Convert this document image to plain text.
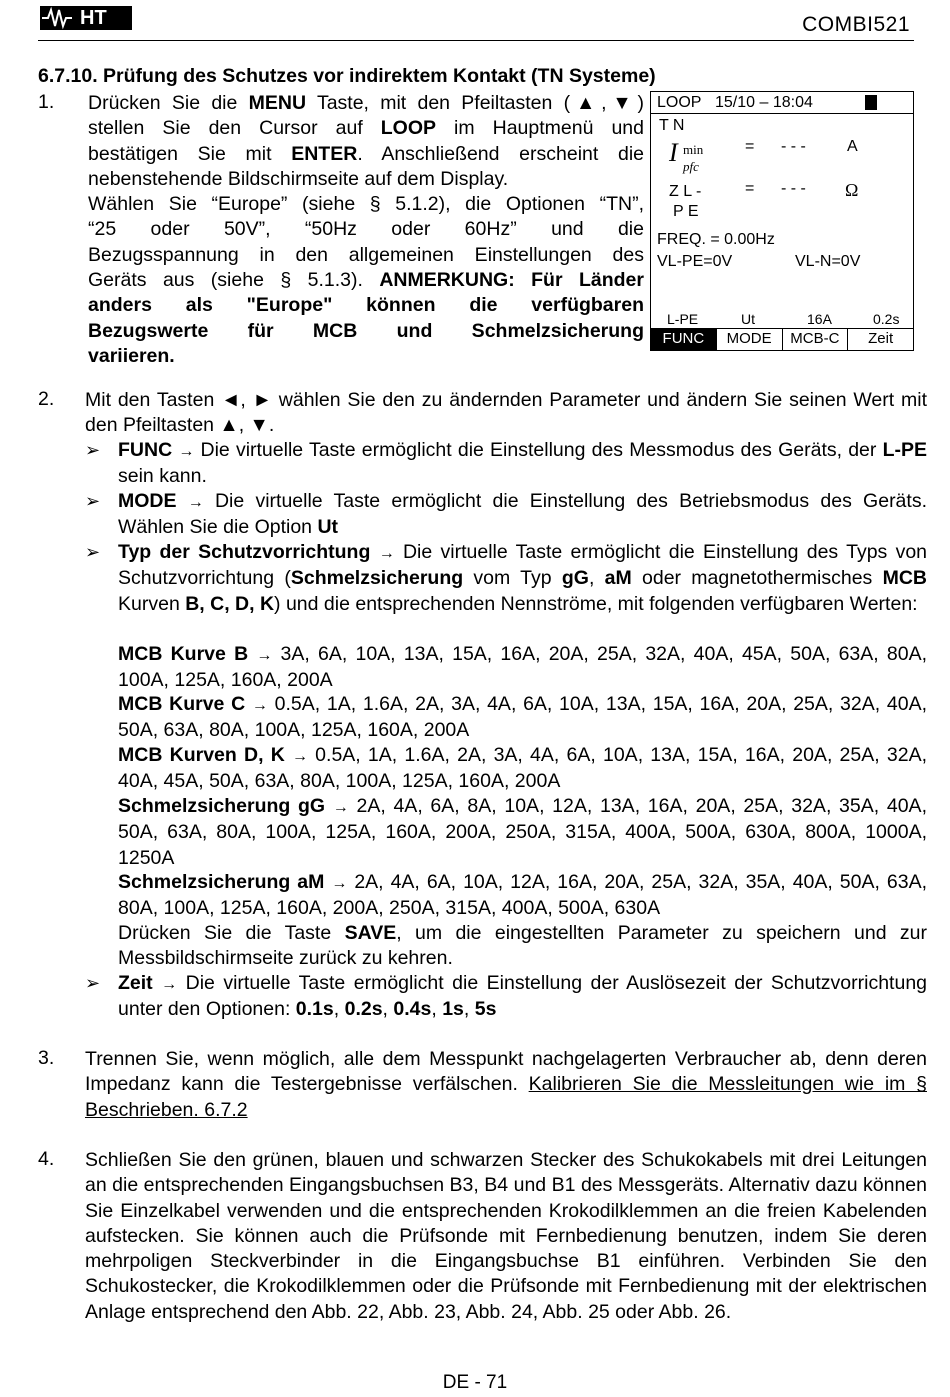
HT	COMBI521
6.7.10. Prüfung des Schutzes vor indirektem Kontakt (TN Systeme)
1. Drücken Sie die MENU Taste, mit den Pfeiltasten (▲,▼)
stellen Sie den Cursor auf LOOP im Hauptmenü und
bestätigen Sie mit ENTER. Anschließend erscheint die
nebenstehende Bildschirmseite auf dem Display.
Wählen Sie “Europe” (siehe § 5.1.2), die Optionen “TN”,
“25 oder 50V”, “50Hz oder 60Hz” und die
Bezugsspannung in den allgemeinen Einstellungen des
Geräts aus (siehe § 5.1.3). ANMERKUNG: Für Länder
anders als "Europe" können die verfügbaren
Bezugswerte für MCB und Schmelzsicherung
variieren.
LOOP 15/10 – 18:04
T N
I min
pfc
= - - -	A
Z L -
P E
= - - - Ω
FREQ. = 0.00Hz
VL-PE=0V	VL-N=0V
L-PE	Ut	16A	0.2s
FUNC	MODE	MCB-C	Zeit
2. Mit den Tasten ◄, ► wählen Sie den zu ändernden Parameter und ändern Sie seinen Wert mit den Pfeiltasten ▲, ▼.
➢ FUNC → Die virtuelle Taste ermöglicht die Einstellung des Messmodus des Geräts, der L-PE sein kann.
➢ MODE → Die virtuelle Taste ermöglicht die Einstellung des Betriebsmodus des Geräts. Wählen Sie die Option Ut
➢ Typ der Schutzvorrichtung → Die virtuelle Taste ermöglicht die Einstellung des Typs von Schutzvorrichtung (Schmelzsicherung vom Typ gG, aM oder magnetothermisches MCB Kurven B, C, D, K) und die entsprechenden Nennströme, mit folgenden verfügbaren Werten:
MCB Kurve B → 3A, 6A, 10A, 13A, 15A, 16A, 20A, 25A, 32A, 40A, 45A, 50A, 63A, 80A, 100A, 125A, 160A, 200A
MCB Kurve C → 0.5A, 1A, 1.6A, 2A, 3A, 4A, 6A, 10A, 13A, 15A, 16A, 20A, 25A, 32A, 40A, 50A, 63A, 80A, 100A, 125A, 160A, 200A
MCB Kurven D, K → 0.5A, 1A, 1.6A, 2A, 3A, 4A, 6A, 10A, 13A, 15A, 16A, 20A, 25A, 32A, 40A, 45A, 50A, 63A, 80A, 100A, 125A, 160A, 200A
Schmelzsicherung gG → 2A, 4A, 6A, 8A, 10A, 12A, 13A, 16A, 20A, 25A, 32A, 35A, 40A, 50A, 63A, 80A, 100A, 125A, 160A, 200A, 250A, 315A, 400A, 500A, 630A, 800A, 1000A, 1250A
Schmelzsicherung aM → 2A, 4A, 6A, 10A, 12A, 16A, 20A, 25A, 32A, 35A, 40A, 50A, 63A, 80A, 100A, 125A, 160A, 200A, 250A, 315A, 400A, 500A, 630A
Drücken Sie die Taste SAVE, um die eingestellten Parameter zu speichern und zur Messbildschirmseite zurück zu kehren.
➢ Zeit → Die virtuelle Taste ermöglicht die Einstellung der Auslösezeit der Schutzvorrichtung unter den Optionen: 0.1s, 0.2s, 0.4s, 1s, 5s
3. Trennen Sie, wenn möglich, alle dem Messpunkt nachgelagerten Verbraucher ab, denn deren Impedanz kann die Testergebnisse verfälschen. Kalibrieren Sie die Messleitungen wie im § Beschrieben. 6.7.2
4. Schließen Sie den grünen, blauen und schwarzen Stecker des Schukokabels mit drei Leitungen an die entsprechenden Eingangsbuchsen B3, B4 und B1 des Messgeräts. Alternativ dazu können Sie Einzelkabel verwenden und die entsprechenden Krokodilklemmen an die freien Kabelenden aufstecken. Sie können auch die Prüfsonde mit Fernbedienung benutzen, indem Sie deren mehrpoligen Steckverbinder in die Eingangsbuchse B1 einführen. Verbinden Sie den Schukostecker, die Krokodilklemmen oder die Prüfsonde mit Fernbedienung mit der elektrischen Anlage entsprechend den Abb. 22, Abb. 23, Abb. 24, Abb. 25 oder Abb. 26.
DE - 71
